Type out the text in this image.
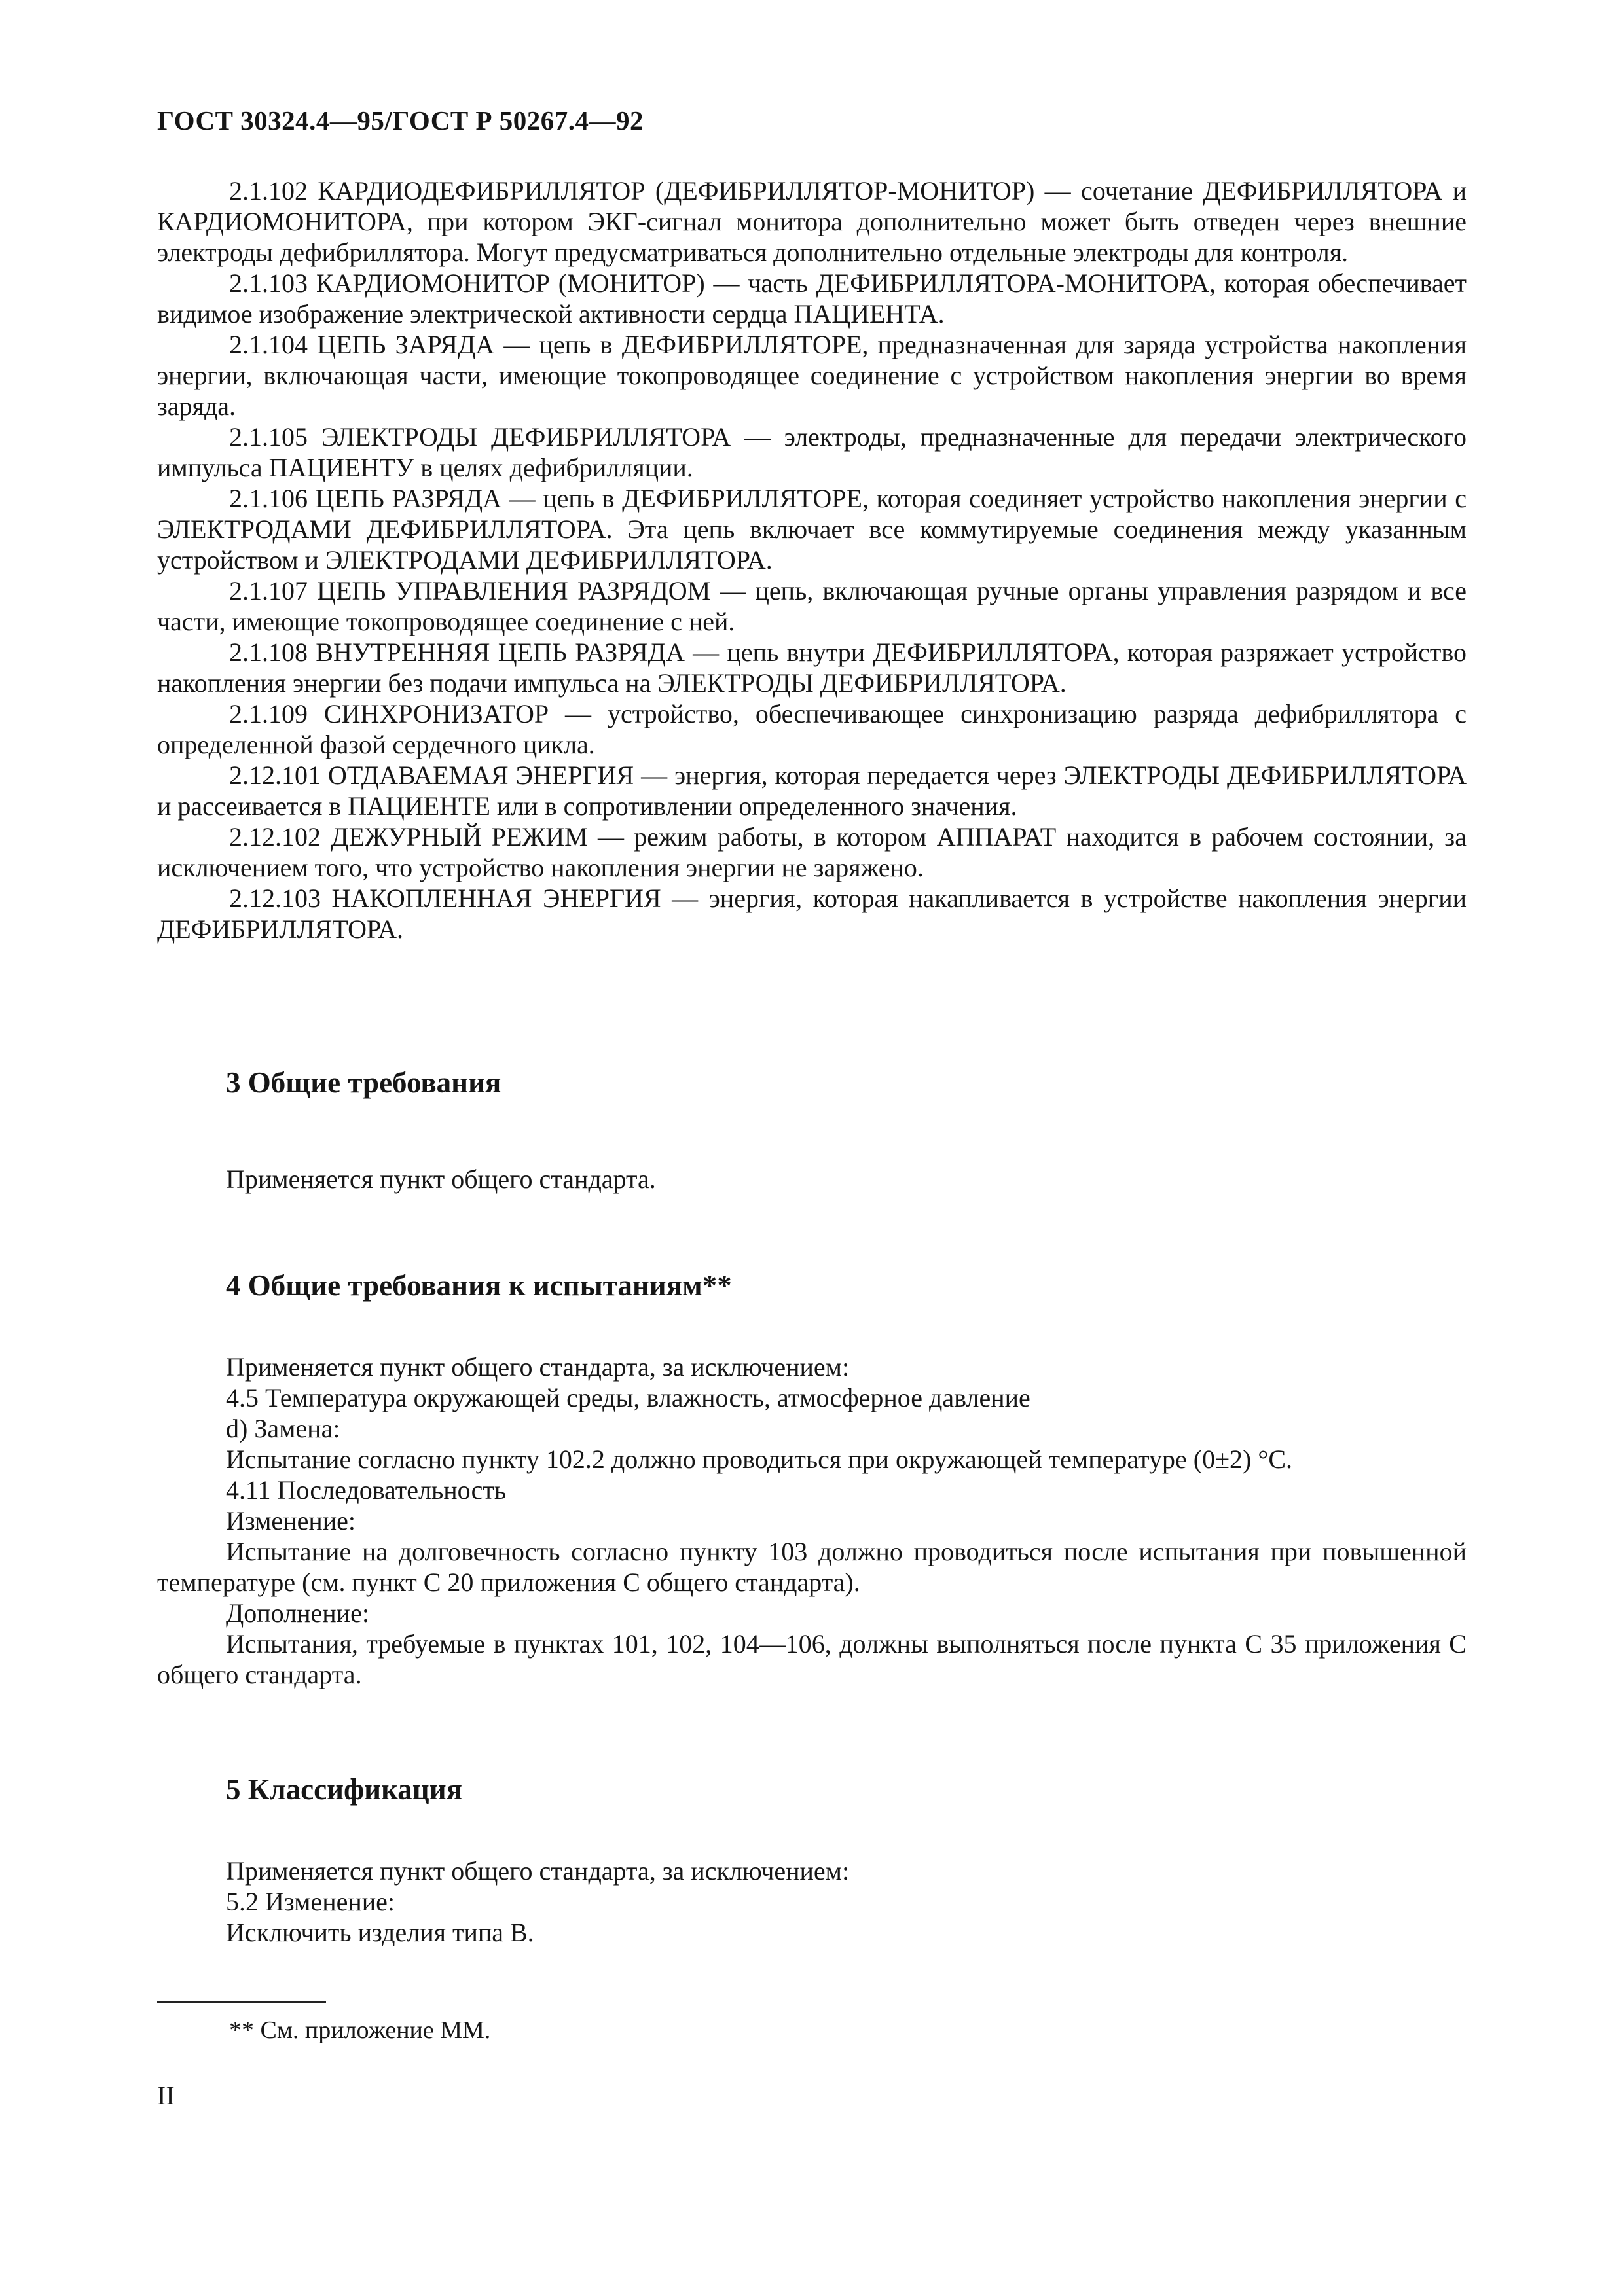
ГОСТ 30324.4—95/ГОСТ Р 50267.4—92

2.1.102 КАРДИОДЕФИБРИЛЛЯТОР (ДЕФИБРИЛЛЯТОР-МОНИТОР) — сочетание ДЕФИБРИЛЛЯТОРА и КАРДИОМОНИТОРА, при котором ЭКГ-сигнал монитора дополнительно может быть отведен через внешние электроды дефибриллятора. Могут предусматриваться дополнительно отдельные электроды для контроля.

2.1.103 КАРДИОМОНИТОР (МОНИТОР) — часть ДЕФИБРИЛЛЯТОРА-МОНИТОРА, которая обеспечивает видимое изображение электрической активности сердца ПАЦИЕНТА.

2.1.104 ЦЕПЬ ЗАРЯДА — цепь в ДЕФИБРИЛЛЯТОРЕ, предназначенная для заряда устройства накопления энергии, включающая части, имеющие токопроводящее соединение с устройством накопления энергии во время заряда.

2.1.105 ЭЛЕКТРОДЫ ДЕФИБРИЛЛЯТОРА — электроды, предназначенные для передачи электрического импульса ПАЦИЕНТУ в целях дефибрилляции.

2.1.106 ЦЕПЬ РАЗРЯДА — цепь в ДЕФИБРИЛЛЯТОРЕ, которая соединяет устройство накопления энергии с ЭЛЕКТРОДАМИ ДЕФИБРИЛЛЯТОРА. Эта цепь включает все коммутируемые соединения между указанным устройством и ЭЛЕКТРОДАМИ ДЕФИБРИЛЛЯТОРА.

2.1.107 ЦЕПЬ УПРАВЛЕНИЯ РАЗРЯДОМ — цепь, включающая ручные органы управления разрядом и все части, имеющие токопроводящее соединение с ней.

2.1.108 ВНУТРЕННЯЯ ЦЕПЬ РАЗРЯДА — цепь внутри ДЕФИБРИЛЛЯТОРА, которая разряжает устройство накопления энергии без подачи импульса на ЭЛЕКТРОДЫ ДЕФИБРИЛЛЯТОРА.

2.1.109 СИНХРОНИЗАТОР — устройство, обеспечивающее синхронизацию разряда дефибриллятора с определенной фазой сердечного цикла.

2.12.101 ОТДАВАЕМАЯ ЭНЕРГИЯ — энергия, которая передается через ЭЛЕКТРОДЫ ДЕФИБРИЛЛЯТОРА и рассеивается в ПАЦИЕНТЕ или в сопротивлении определенного значения.

2.12.102 ДЕЖУРНЫЙ РЕЖИМ — режим работы, в котором АППАРАТ находится в рабочем состоянии, за исключением того, что устройство накопления энергии не заряжено.

2.12.103 НАКОПЛЕННАЯ ЭНЕРГИЯ — энергия, которая накапливается в устройстве накопления энергии ДЕФИБРИЛЛЯТОРА.

3 Общие требования

Применяется пункт общего стандарта.

4 Общие требования к испытаниям**

Применяется пункт общего стандарта, за исключением:

4.5 Температура окружающей среды, влажность, атмосферное давление

d) Замена:

Испытание согласно пункту 102.2 должно проводиться при окружающей температуре (0±2) °С.

4.11 Последовательность

Изменение:

Испытание на долговечность согласно пункту 103 должно проводиться после испытания при повышенной температуре (см. пункт С 20 приложения С общего стандарта).

Дополнение:

Испытания, требуемые в пунктах 101, 102, 104—106, должны выполняться после пункта С 35 приложения С общего стандарта.

5 Классификация

Применяется пункт общего стандарта, за исключением:

5.2 Изменение:

Исключить изделия типа В.

** См. приложение ММ.
II
